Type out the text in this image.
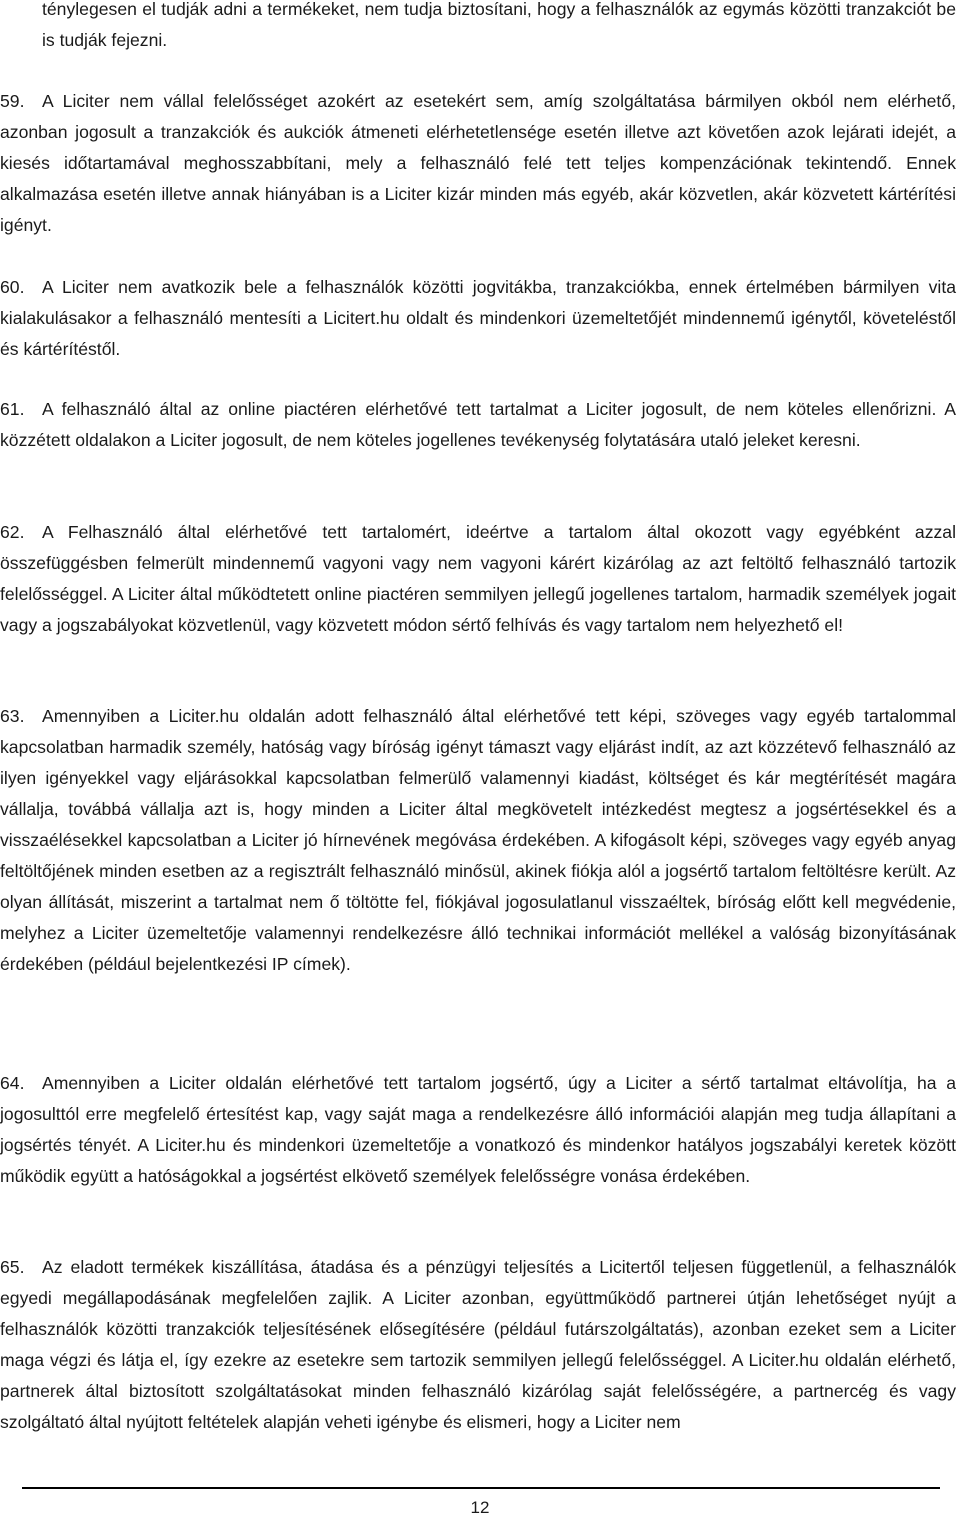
ténylegesen el tudják adni a termékeket, nem tudja biztosítani, hogy a felhasználók az egymás közötti tranzakciót be is tudják fejezni.
59. A Liciter nem vállal felelősséget azokért az esetekért sem, amíg szolgáltatása bármilyen okból nem elérhető, azonban jogosult a tranzakciók és aukciók átmeneti elérhetetlensége esetén illetve azt követően azok lejárati idejét, a kiesés időtartamával meghosszabbítani, mely a felhasználó felé tett teljes kompenzációnak tekintendő. Ennek alkalmazása esetén illetve annak hiányában is a Liciter kizár minden más egyéb, akár közvetlen, akár közvetett kártérítési igényt.
60. A Liciter nem avatkozik bele a felhasználók közötti jogvitákba, tranzakciókba, ennek értelmében bármilyen vita kialakulásakor a felhasználó mentesíti a Licitert.hu oldalt és mindenkori üzemeltetőjét mindennemű igénytől, követeléstől és kártérítéstől.
61. A felhasználó által az online piactéren elérhetővé tett tartalmat a Liciter jogosult, de nem köteles ellenőrizni. A közzétett oldalakon a Liciter jogosult, de nem köteles jogellenes tevékenység folytatására utaló jeleket keresni.
62. A Felhasználó által elérhetővé tett tartalomért, ideértve a tartalom által okozott vagy egyébként azzal összefüggésben felmerült mindennemű vagyoni vagy nem vagyoni kárért kizárólag az azt feltöltő felhasználó tartozik felelősséggel. A Liciter által működtetett online piactéren semmilyen jellegű jogellenes tartalom, harmadik személyek jogait vagy a jogszabályokat közvetlenül, vagy közvetett módon sértő felhívás és vagy tartalom nem helyezhető el!
63. Amennyiben a Liciter.hu oldalán adott felhasználó által elérhetővé tett képi, szöveges vagy egyéb tartalommal kapcsolatban harmadik személy, hatóság vagy bíróság igényt támaszt vagy eljárást indít, az azt közzétevő felhasználó az ilyen igényekkel vagy eljárásokkal kapcsolatban felmerülő valamennyi kiadást, költséget és kár megtérítését magára vállalja, továbbá vállalja azt is, hogy minden a Liciter által megkövetelt intézkedést megtesz a jogsértésekkel és a visszaélésekkel kapcsolatban a Liciter jó hírnevének megóvása érdekében. A kifogásolt képi, szöveges vagy egyéb anyag feltöltőjének minden esetben az a regisztrált felhasználó minősül, akinek fiókja alól a jogsértő tartalom feltöltésre került. Az olyan állítását, miszerint a tartalmat nem ő töltötte fel, fiókjával jogosulatlanul visszaéltek, bíróság előtt kell megvédenie, melyhez a Liciter üzemeltetője valamennyi rendelkezésre álló technikai információt mellékel a valóság bizonyításának érdekében (például bejelentkezési IP címek).
64. Amennyiben a Liciter oldalán elérhetővé tett tartalom jogsértő, úgy a Liciter a sértő tartalmat eltávolítja, ha a jogosulttól erre megfelelő értesítést kap, vagy saját maga a rendelkezésre álló információi alapján meg tudja állapítani a jogsértés tényét. A Liciter.hu és mindenkori üzemeltetője a vonatkozó és mindenkor hatályos jogszabályi keretek között működik együtt a hatóságokkal a jogsértést elkövető személyek felelősségre vonása érdekében.
65. Az eladott termékek kiszállítása, átadása és a pénzügyi teljesítés a Licitertől teljesen függetlenül, a felhasználók egyedi megállapodásának megfelelően zajlik. A Liciter azonban, együttműködő partnerei útján lehetőséget nyújt a felhasználók közötti tranzakciók teljesítésének elősegítésére (például futárszolgáltatás), azonban ezeket sem a Liciter maga végzi és látja el, így ezekre az esetekre sem tartozik semmilyen jellegű felelősséggel. A Liciter.hu oldalán elérhető, partnerek által biztosított szolgáltatásokat minden felhasználó kizárólag saját felelősségére, a partnercég és vagy szolgáltató által nyújtott feltételek alapján veheti igénybe és elismeri, hogy a Liciter nem
12
